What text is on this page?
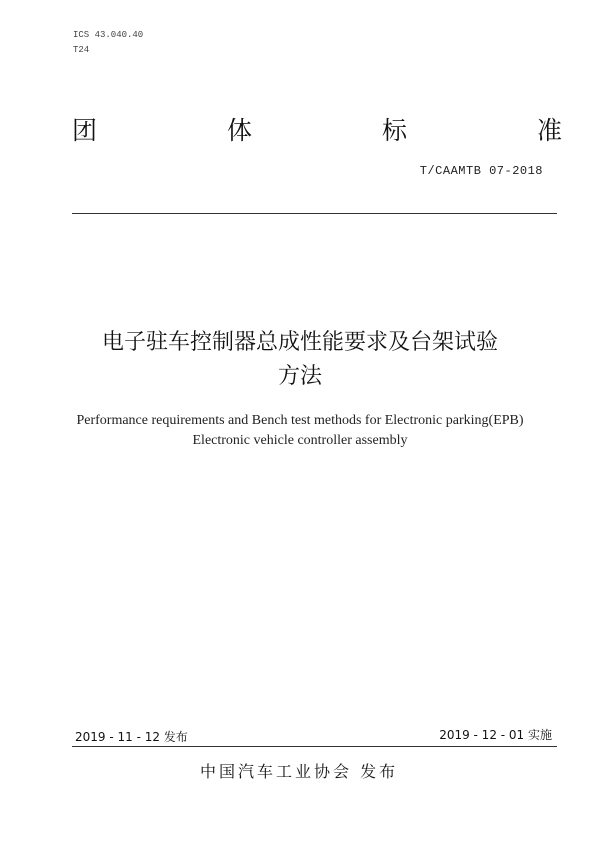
ICS 43.040.40
T24
团	体	标	准
T/CAAMTB 07-2018
电子驻车控制器总成性能要求及台架试验
方法
Performance requirements and Bench test methods for Electronic parking(EPB)
Electronic vehicle controller assembly
2019 - 11 - 12 发布	2019 - 12 - 01 实施
中国汽车工业协会 发布
